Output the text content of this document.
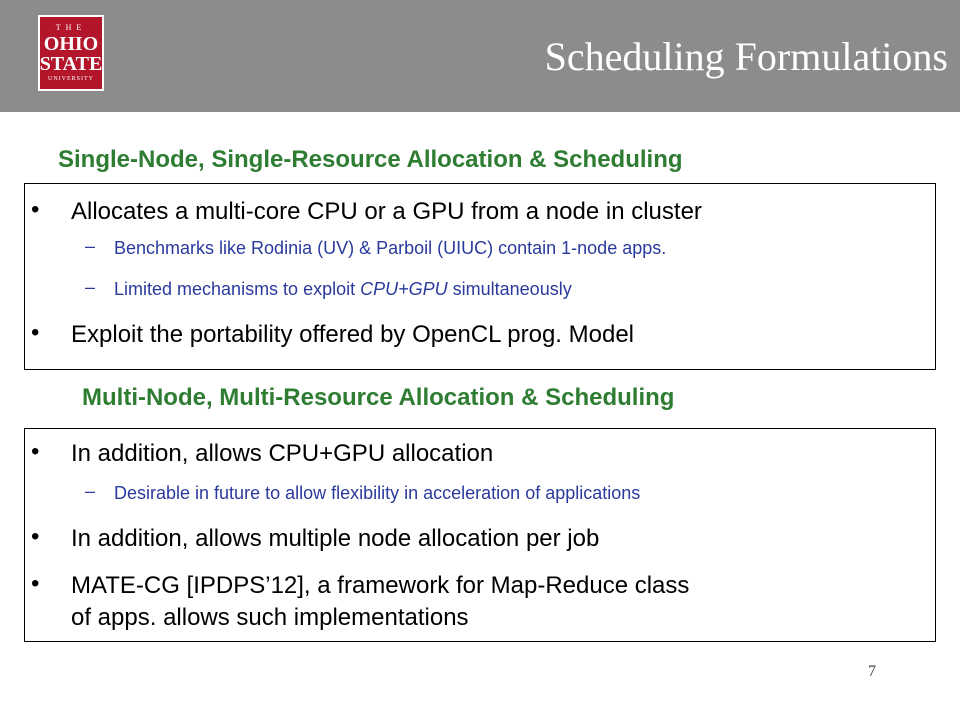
THE
OHIO
STATE
UNIVERSITY	Scheduling Formulations
Single-Node, Single-Resource Allocation & Scheduling
• Allocates a multi-core CPU or a GPU from a node in cluster
– Benchmarks like Rodinia (UV) & Parboil (UIUC) contain 1-node apps.
– Limited mechanisms to exploit CPU+GPU simultaneously
• Exploit the portability offered by OpenCL prog. Model
Multi-Node, Multi-Resource Allocation & Scheduling
• In addition, allows CPU+GPU allocation
– Desirable in future to allow flexibility in acceleration of applications
• In addition, allows multiple node allocation per job
• MATE-CG [IPDPS’12], a framework for Map-Reduce class
of apps. allows such implementations
7
